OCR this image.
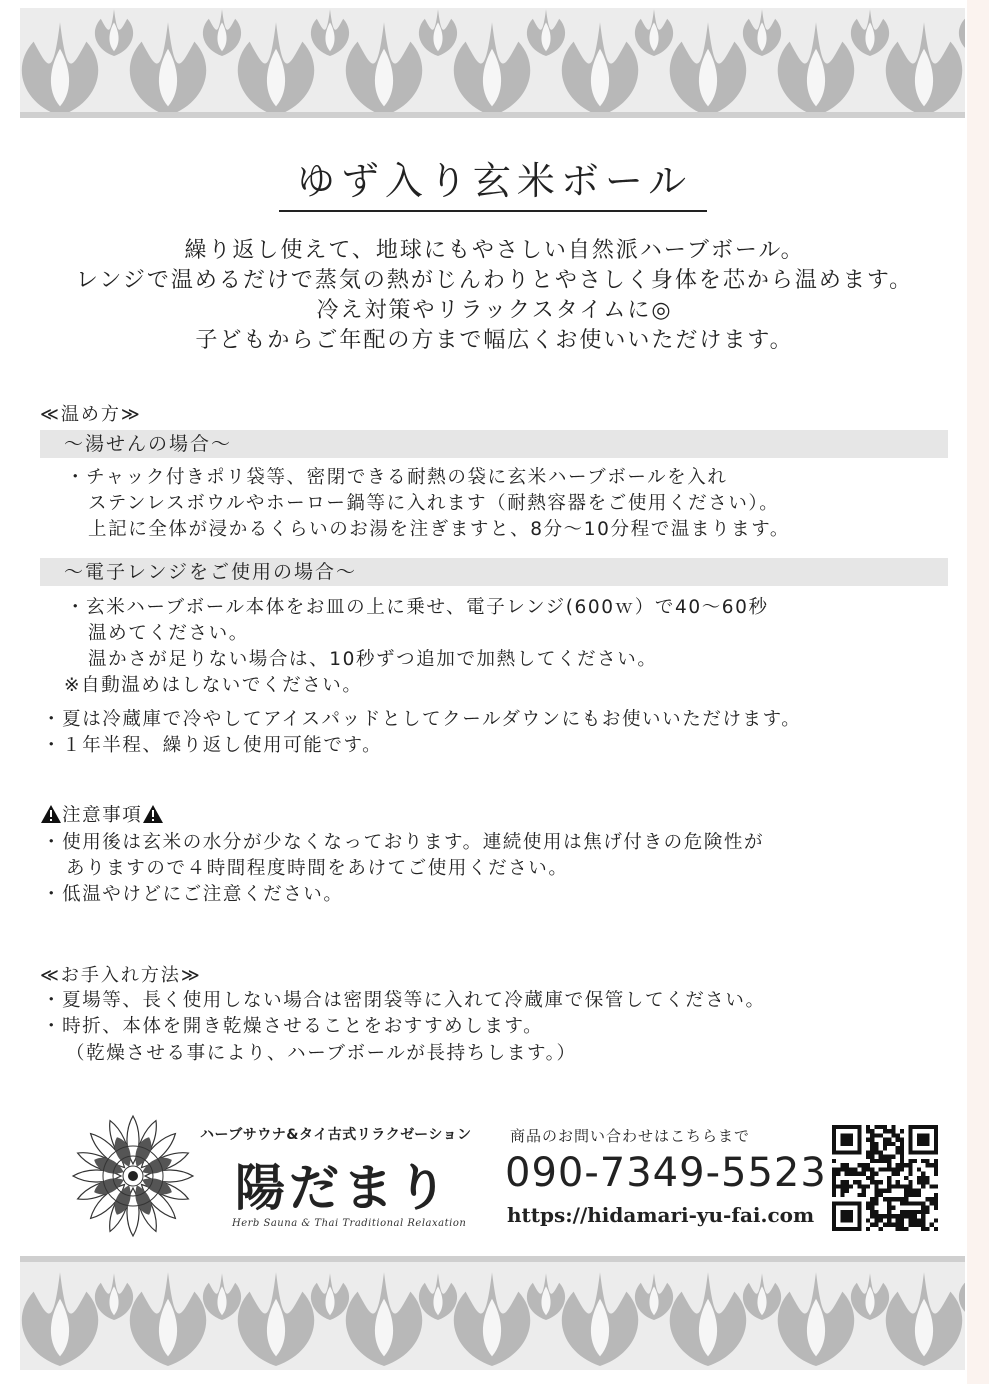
ゆず入り玄米ボール
繰り返し使えて、地球にもやさしい自然派ハーブボール。
レンジで温めるだけで蒸気の熱がじんわりとやさしく身体を芯から温めます。
冷え対策やリラックスタイムに◎
子どもからご年配の方まで幅広くお使いいただけます。
≪温め方≫
〜湯せんの場合〜
・チャック付きポリ袋等、密閉できる耐熱の袋に玄米ハーブボールを入れ
ステンレスボウルやホーロー鍋等に入れます（耐熱容器をご使用ください）。
上記に全体が浸かるくらいのお湯を注ぎますと、8分〜10分程で温まります。
〜電子レンジをご使用の場合〜
・玄米ハーブボール本体をお皿の上に乗せ、電子レンジ(600ｗ）で40〜60秒
温めてください。
温かさが足りない場合は、10秒ずつ追加で加熱してください。
※自動温めはしないでください。
・夏は冷蔵庫で冷やしてアイスパッドとしてクールダウンにもお使いいただけます。
・１年半程、繰り返し使用可能です。
注意事項
・使用後は玄米の水分が少なくなっております。連続使用は焦げ付きの危険性が
ありますので４時間程度時間をあけてご使用ください。
・低温やけどにご注意ください。
≪お手入れ方法≫
・夏場等、長く使用しない場合は密閉袋等に入れて冷蔵庫で保管してください。
・時折、本体を開き乾燥させることをおすすめします。
（乾燥させる事により、ハーブボールが長持ちします。）
ハーブサウナ&タイ古式リラクゼーション
陽だまり
Herb Sauna & Thai Traditional Relaxation
商品のお問い合わせはこちらまで
090-7349-5523
https://hidamari-yu-fai.com
